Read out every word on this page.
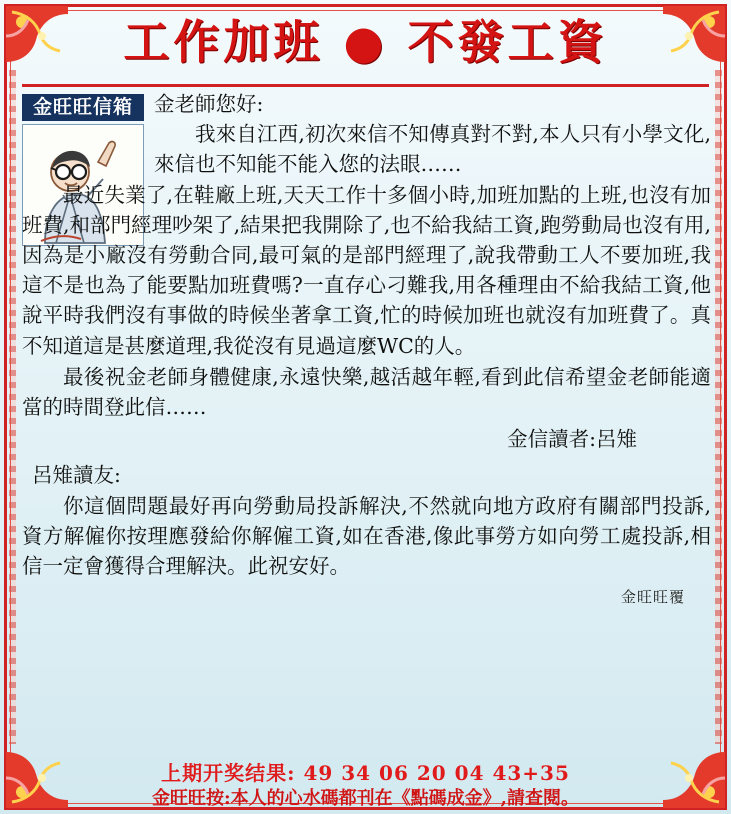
工作加班 ● 不發工資
金旺旺信箱	金老師您好:
我來自江西,初次來信不知傳真對不對,本人只有小學文化,來信也不知能不能入您的法眼……
最近失業了,在鞋廠上班,天天工作十多個小時,加班加點的上班,也沒有加班費,和部門經理吵架了,結果把我開除了,也不給我結工資,跑勞動局也沒有用,因為是小廠沒有勞動合同,最可氣的是部門經理了,說我帶動工人不要加班,我這不是也為了能要點加班費嗎?一直存心刁難我,用各種理由不給我結工資,他說平時我們沒有事做的時候坐著拿工資,忙的時候加班也就沒有加班費了。真不知道這是甚麼道理,我從沒有見過這麼WC的人。
最後祝金老師身體健康,永遠快樂,越活越年輕,看到此信希望金老師能適當的時間登此信……
金信讀者:呂雉
呂雉讀友:
你這個問題最好再向勞動局投訴解決,不然就向地方政府有關部門投訴,資方解僱你按理應發給你解僱工資,如在香港,像此事勞方如向勞工處投訴,相信一定會獲得合理解決。此祝安好。
金旺旺覆
上期开奖结果: 49 34 06 20 04 43+35
金旺旺按:本人的心水碼都刊在《點碼成金》,請查閱。
